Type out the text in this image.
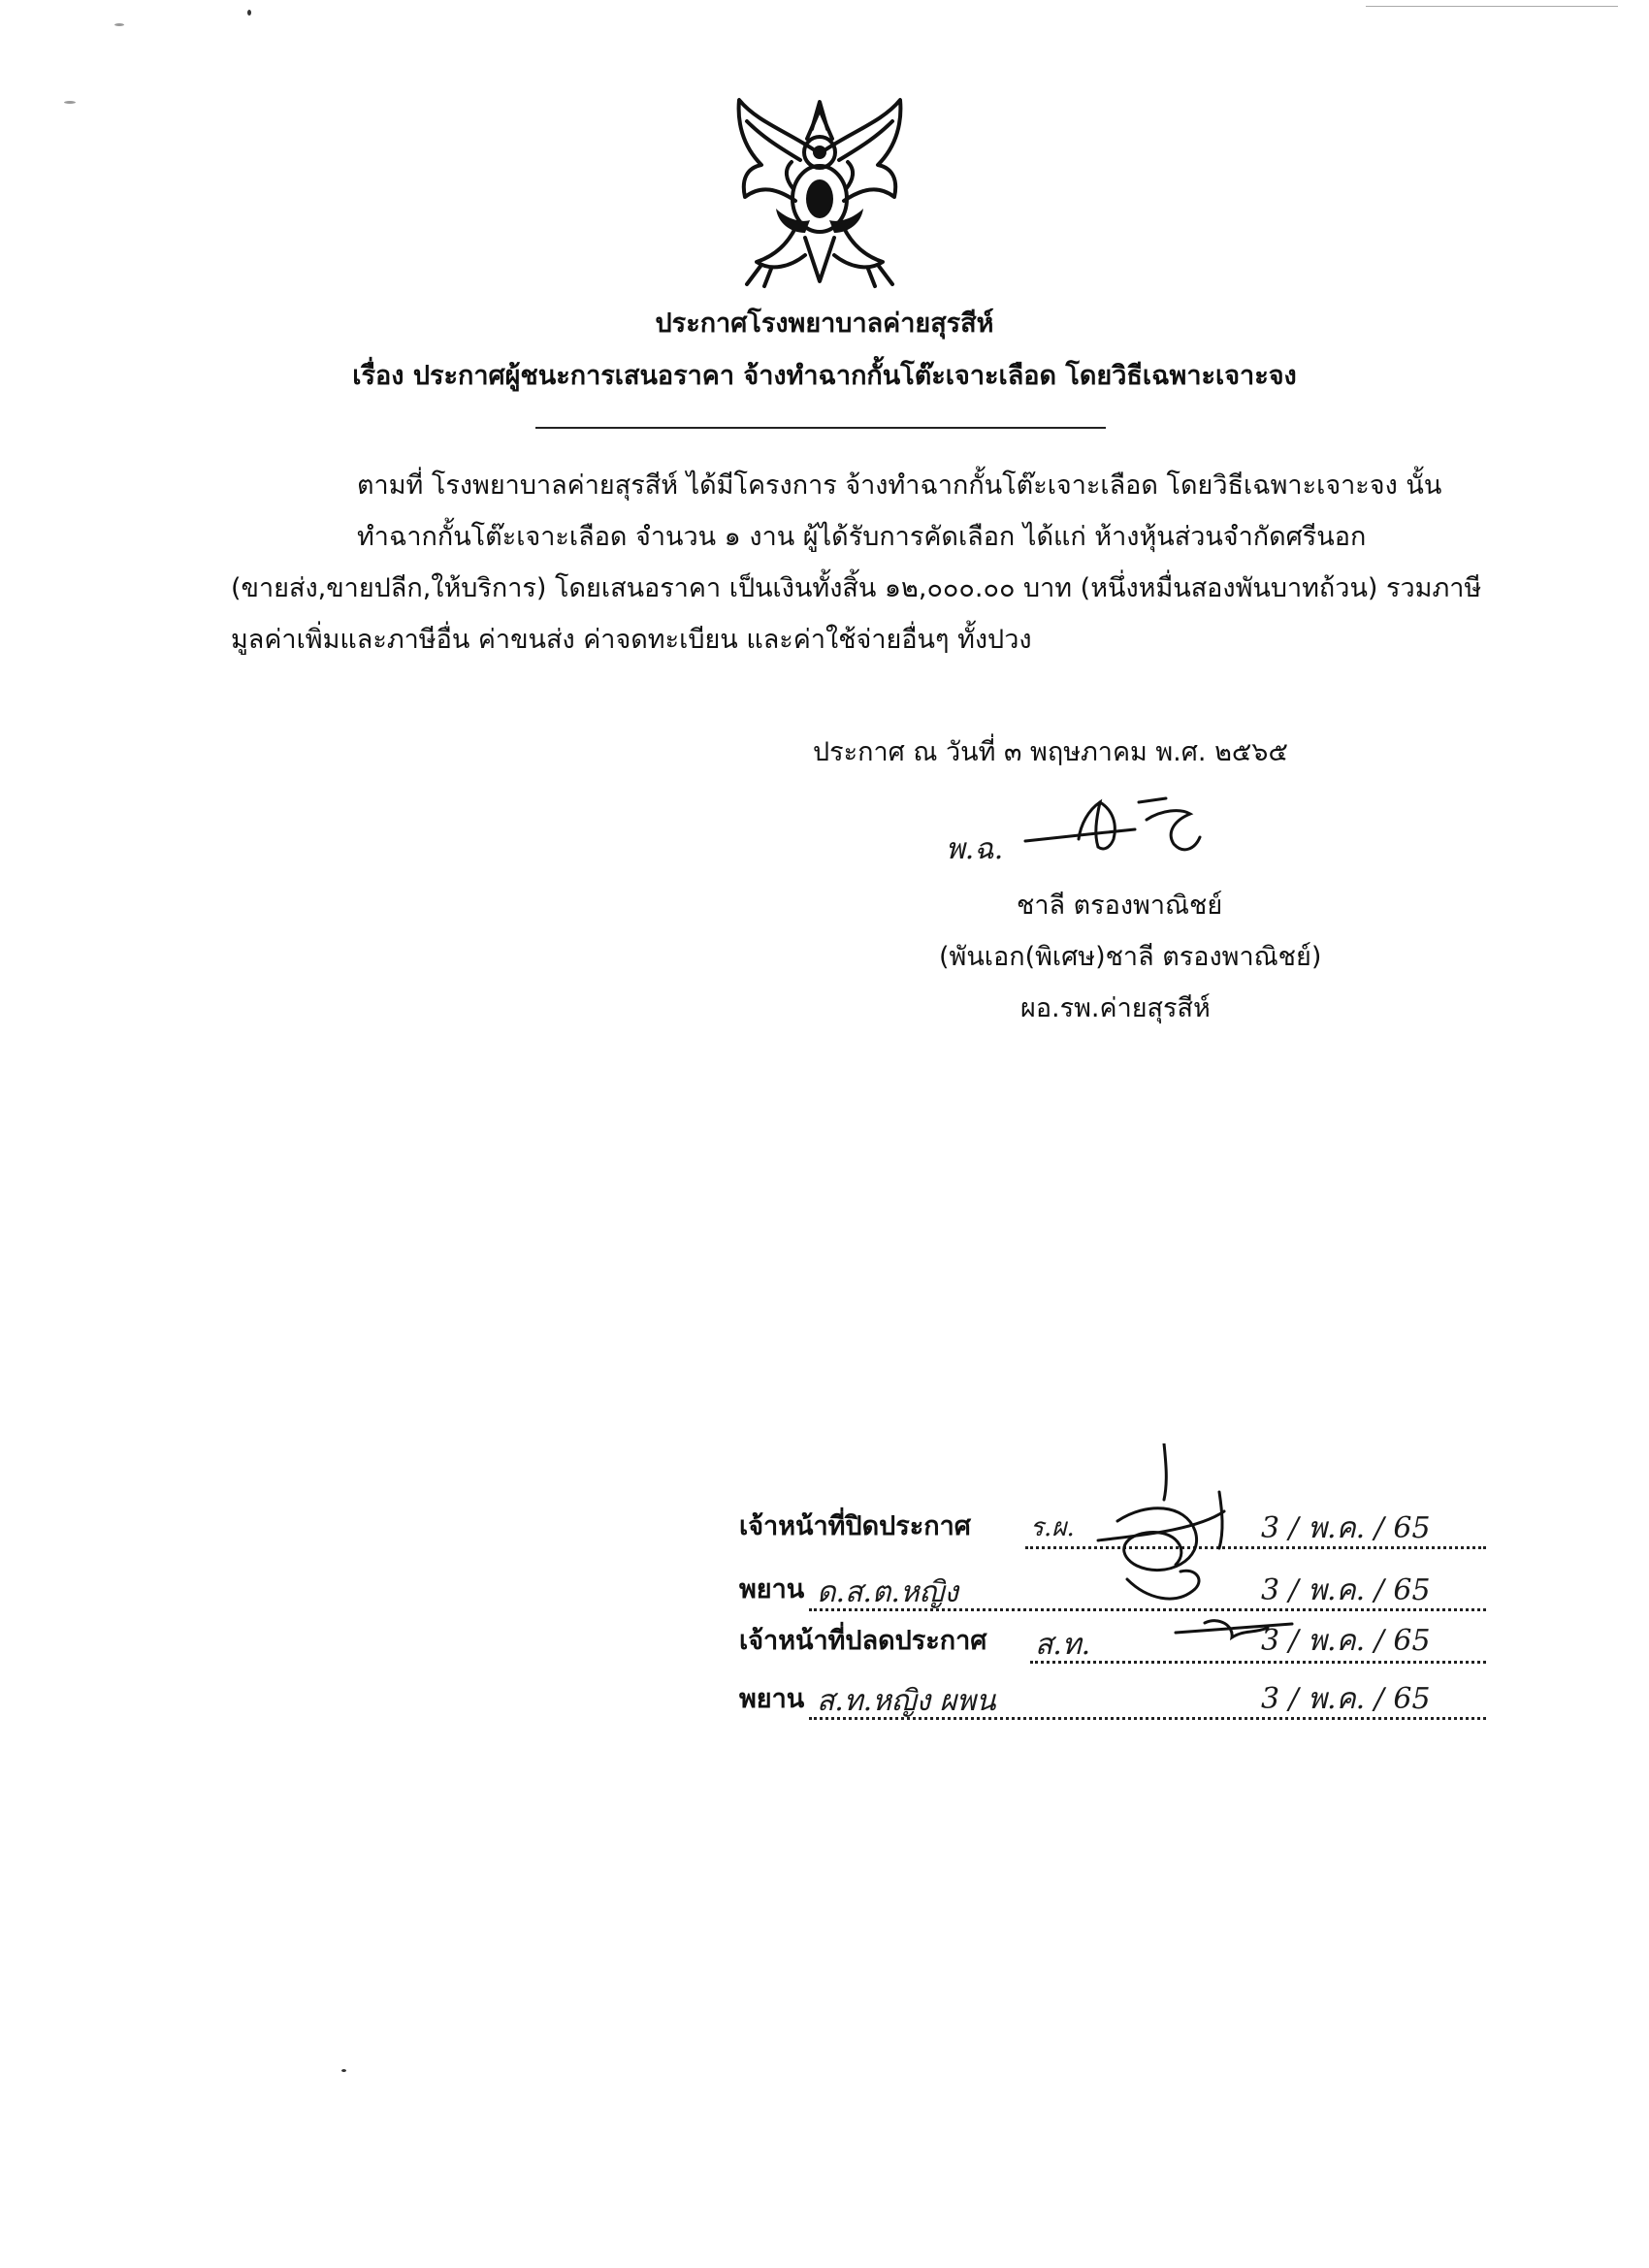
ประกาศโรงพยาบาลค่ายสุรสีห์
เรื่อง ประกาศผู้ชนะการเสนอราคา จ้างทำฉากกั้นโต๊ะเจาะเลือด โดยวิธีเฉพาะเจาะจง
ตามที่ โรงพยาบาลค่ายสุรสีห์ ได้มีโครงการ จ้างทำฉากกั้นโต๊ะเจาะเลือด โดยวิธีเฉพาะเจาะจง นั้น
ทำฉากกั้นโต๊ะเจาะเลือด จำนวน ๑ งาน ผู้ได้รับการคัดเลือก ได้แก่ ห้างหุ้นส่วนจำกัดศรีนอก
(ขายส่ง,ขายปลีก,ให้บริการ) โดยเสนอราคา เป็นเงินทั้งสิ้น ๑๒,๐๐๐.๐๐ บาท (หนึ่งหมื่นสองพันบาทถ้วน) รวมภาษี
มูลค่าเพิ่มและภาษีอื่น ค่าขนส่ง ค่าจดทะเบียน และค่าใช้จ่ายอื่นๆ ทั้งปวง
ประกาศ ณ วันที่ ๓ พฤษภาคม พ.ศ. ๒๕๖๕
พ.ฉ.
ชาลี ตรองพาณิชย์
(พันเอก(พิเศษ)ชาลี ตรองพาณิชย์)
ผอ.รพ.ค่ายสุรสีห์
เจ้าหน้าที่ปิดประกาศ ร.ผ.	3 / พ.ค. / 65
พยาน ด.ส.ต.หญิง	3 / พ.ค. / 65
เจ้าหน้าที่ปลดประกาศ ส.ท.	3 / พ.ค. / 65
พยาน ส.ท.หญิง ผพน	3 / พ.ค. / 65
